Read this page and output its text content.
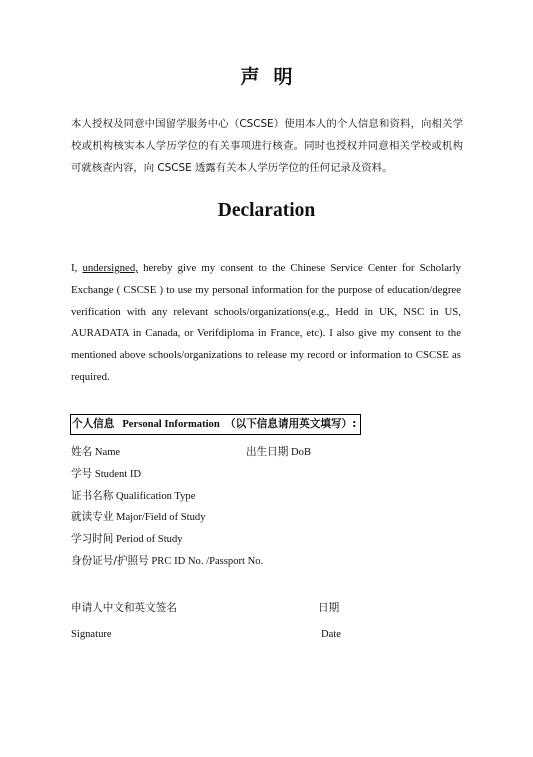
声明
本人授权及同意中国留学服务中心（CSCSE）使用本人的个人信息和资料，向相关学校或机构核实本人学历学位的有关事项进行核查。同时也授权并同意相关学校或机构可就核查内容，向 CSCSE 透露有关本人学历学位的任何记录及资料。
Declaration
I, undersigned, hereby give my consent to the Chinese Service Center for Scholarly Exchange ( CSCSE ) to use my personal information for the purpose of education/degree verification with any relevant schools/organizations(e.g., Hedd in UK, NSC in US, AURADATA in Canada, or Verifdiploma in France, etc). I also give my consent to the mentioned above schools/organizations to release my record or information to CSCSE as required.
个人信息 Personal Information （以下信息请用英文填写）:
姓名 Name	出生日期 DoB
学号 Student ID
证书名称 Qualification Type
就读专业 Major/Field of Study
学习时间 Period of Study
身份证号/护照号 PRC ID No. /Passport No.
申请人中文和英文签名	日期
Signature	Date
